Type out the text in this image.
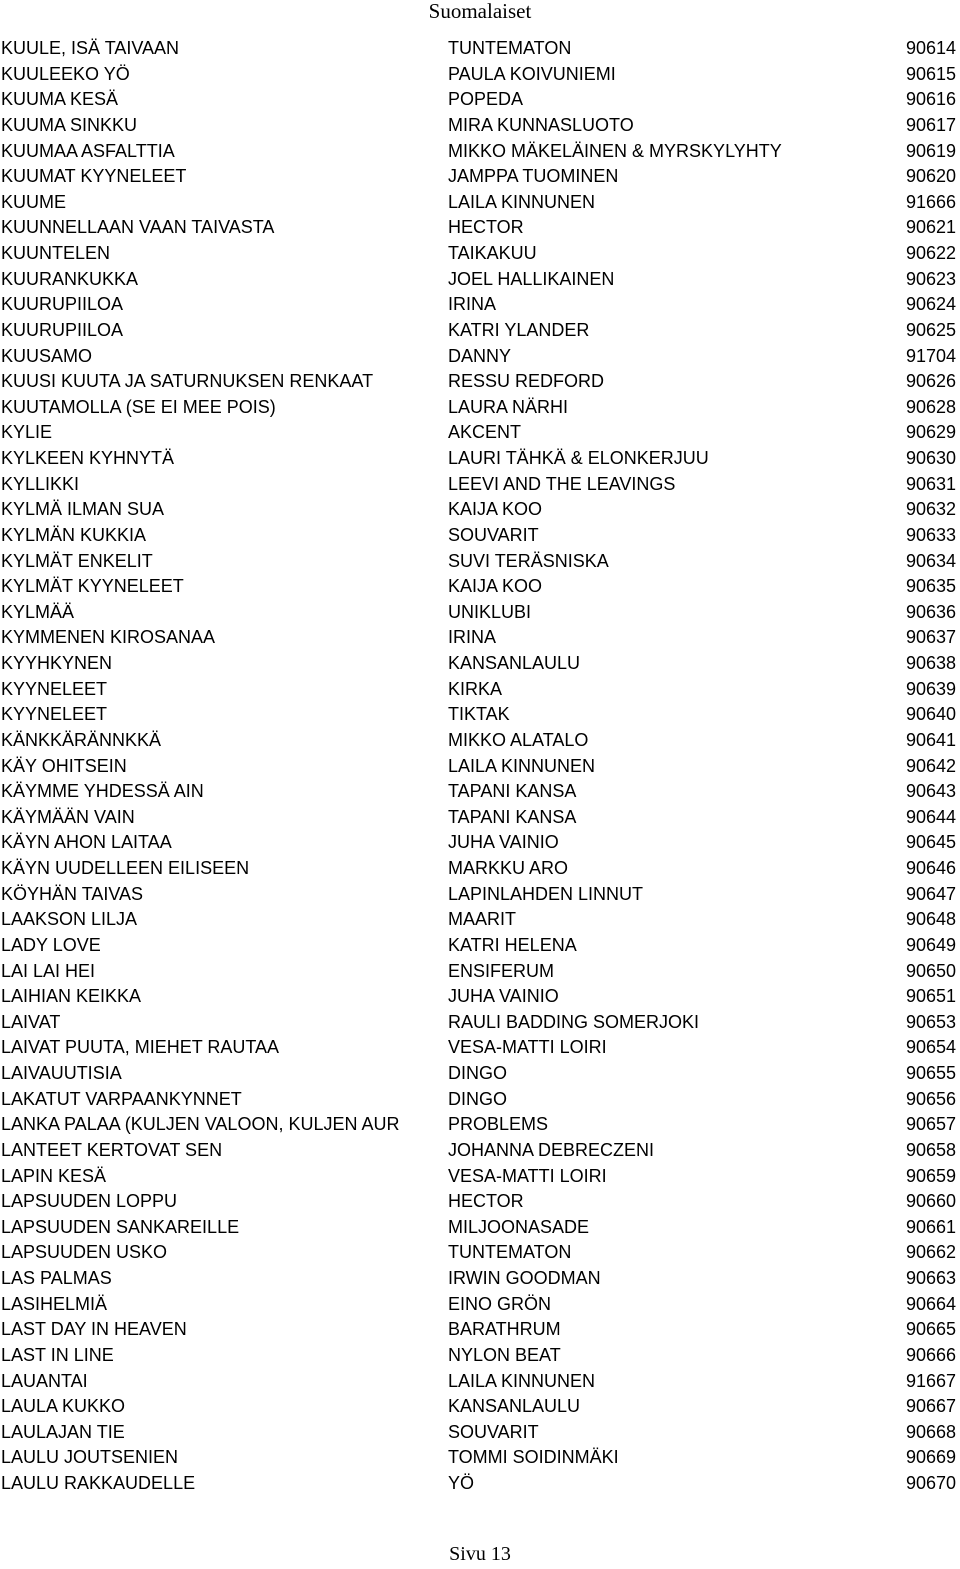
Suomalaiset
KUULE, ISÄ TAIVAAN	TUNTEMATON	90614
KUULEEKO YÖ	PAULA KOIVUNIEMI	90615
KUUMA KESÄ	POPEDA	90616
KUUMA SINKKU	MIRA KUNNASLUOTO	90617
KUUMAA ASFALTTIA	MIKKO MÄKELÄINEN & MYRSKYLYHTY	90619
KUUMAT KYYNELEET	JAMPPA TUOMINEN	90620
KUUME	LAILA KINNUNEN	91666
KUUNNELLAAN VAAN TAIVASTA	HECTOR	90621
KUUNTELEN	TAIKAKUU	90622
KUURANKUKKA	JOEL HALLIKAINEN	90623
KUURUPIILOA	IRINA	90624
KUURUPIILOA	KATRI YLANDER	90625
KUUSAMO	DANNY	91704
KUUSI KUUTA JA SATURNUKSEN RENKAAT	RESSU REDFORD	90626
KUUTAMOLLA (SE EI MEE POIS)	LAURA NÄRHI	90628
KYLIE	AKCENT	90629
KYLKEEN KYHNYTÄ	LAURI TÄHKÄ & ELONKERJUU	90630
KYLLIKKI	LEEVI AND THE LEAVINGS	90631
KYLMÄ ILMAN SUA	KAIJA KOO	90632
KYLMÄN KUKKIA	SOUVARIT	90633
KYLMÄT ENKELIT	SUVI TERÄSNISKA	90634
KYLMÄT KYYNELEET	KAIJA KOO	90635
KYLMÄÄ	UNIKLUBI	90636
KYMMENEN KIROSANAA	IRINA	90637
KYYHKYNEN	KANSANLAULU	90638
KYYNELEET	KIRKA	90639
KYYNELEET	TIKTAK	90640
KÄNKKÄRÄNNKKÄ	MIKKO ALATALO	90641
KÄY OHITSEIN	LAILA KINNUNEN	90642
KÄYMME YHDESSÄ AIN	TAPANI KANSA	90643
KÄYMÄÄN VAIN	TAPANI KANSA	90644
KÄYN AHON LAITAA	JUHA VAINIO	90645
KÄYN UUDELLEEN EILISEEN	MARKKU ARO	90646
KÖYHÄN TAIVAS	LAPINLAHDEN LINNUT	90647
LAAKSON LILJA	MAARIT	90648
LADY LOVE	KATRI HELENA	90649
LAI LAI HEI	ENSIFERUM	90650
LAIHIAN KEIKKA	JUHA VAINIO	90651
LAIVAT	RAULI BADDING SOMERJOKI	90653
LAIVAT PUUTA, MIEHET RAUTAA	VESA-MATTI LOIRI	90654
LAIVAUUTISIA	DINGO	90655
LAKATUT VARPAANKYNNET	DINGO	90656
LANKA PALAA (KULJEN VALOON, KULJEN AUR	PROBLEMS	90657
LANTEET KERTOVAT SEN	JOHANNA DEBRECZENI	90658
LAPIN KESÄ	VESA-MATTI LOIRI	90659
LAPSUUDEN LOPPU	HECTOR	90660
LAPSUUDEN SANKAREILLE	MILJOONASADE	90661
LAPSUUDEN USKO	TUNTEMATON	90662
LAS PALMAS	IRWIN GOODMAN	90663
LASIHELMIÄ	EINO GRÖN	90664
LAST DAY IN HEAVEN	BARATHRUM	90665
LAST IN LINE	NYLON BEAT	90666
LAUANTAI	LAILA KINNUNEN	91667
LAULA KUKKO	KANSANLAULU	90667
LAULAJAN TIE	SOUVARIT	90668
LAULU JOUTSENIEN	TOMMI SOIDINMÄKI	90669
LAULU RAKKAUDELLE	YÖ	90670
Sivu 13
